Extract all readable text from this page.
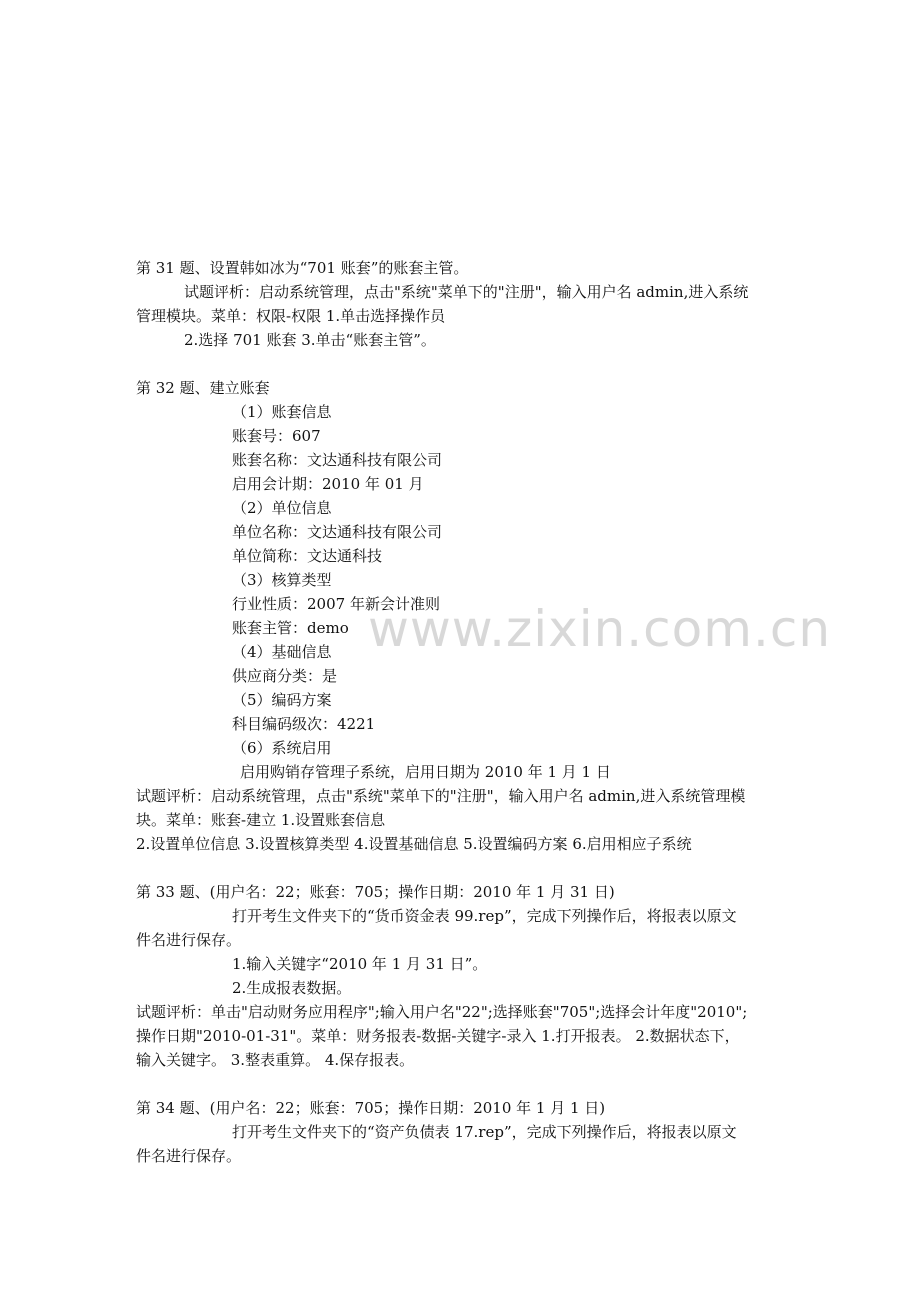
第 31 题、设置韩如冰为“701 账套”的账套主管。
试题评析：启动系统管理，点击"系统"菜单下的"注册"，输入用户名 admin,进入系统
管理模块。菜单：权限-权限 1.单击选择操作员
2.选择 701 账套 3.单击“账套主管”。
第 32 题、建立账套
（1）账套信息
账套号：607
账套名称：文达通科技有限公司
启用会计期：2010 年 01 月
（2）单位信息
单位名称：文达通科技有限公司
单位简称：文达通科技
（3）核算类型
行业性质：2007 年新会计准则
账套主管：demo
（4）基础信息
供应商分类：是
（5）编码方案
科目编码级次：4221
（6）系统启用
启用购销存管理子系统，启用日期为 2010 年 1 月 1 日
试题评析：启动系统管理，点击"系统"菜单下的"注册"，输入用户名 admin,进入系统管理模
块。菜单：账套-建立 1.设置账套信息
2.设置单位信息 3.设置核算类型 4.设置基础信息 5.设置编码方案 6.启用相应子系统
第 33 题、(用户名：22；账套：705；操作日期：2010 年 1 月 31 日)
打开考生文件夹下的“货币资金表 99.rep”，完成下列操作后，将报表以原文
件名进行保存。
1.输入关键字“2010 年 1 月 31 日”。
2.生成报表数据。
试题评析：单击"启动财务应用程序";输入用户名"22";选择账套"705";选择会计年度"2010";
操作日期"2010-01-31"。菜单：财务报表-数据-关键字-录入 1.打开报表。 2.数据状态下，
输入关键字。 3.整表重算。 4.保存报表。
第 34 题、(用户名：22；账套：705；操作日期：2010 年 1 月 1 日)
打开考生文件夹下的“资产负债表 17.rep”，完成下列操作后，将报表以原文
件名进行保存。
www.zixin.com.cn
